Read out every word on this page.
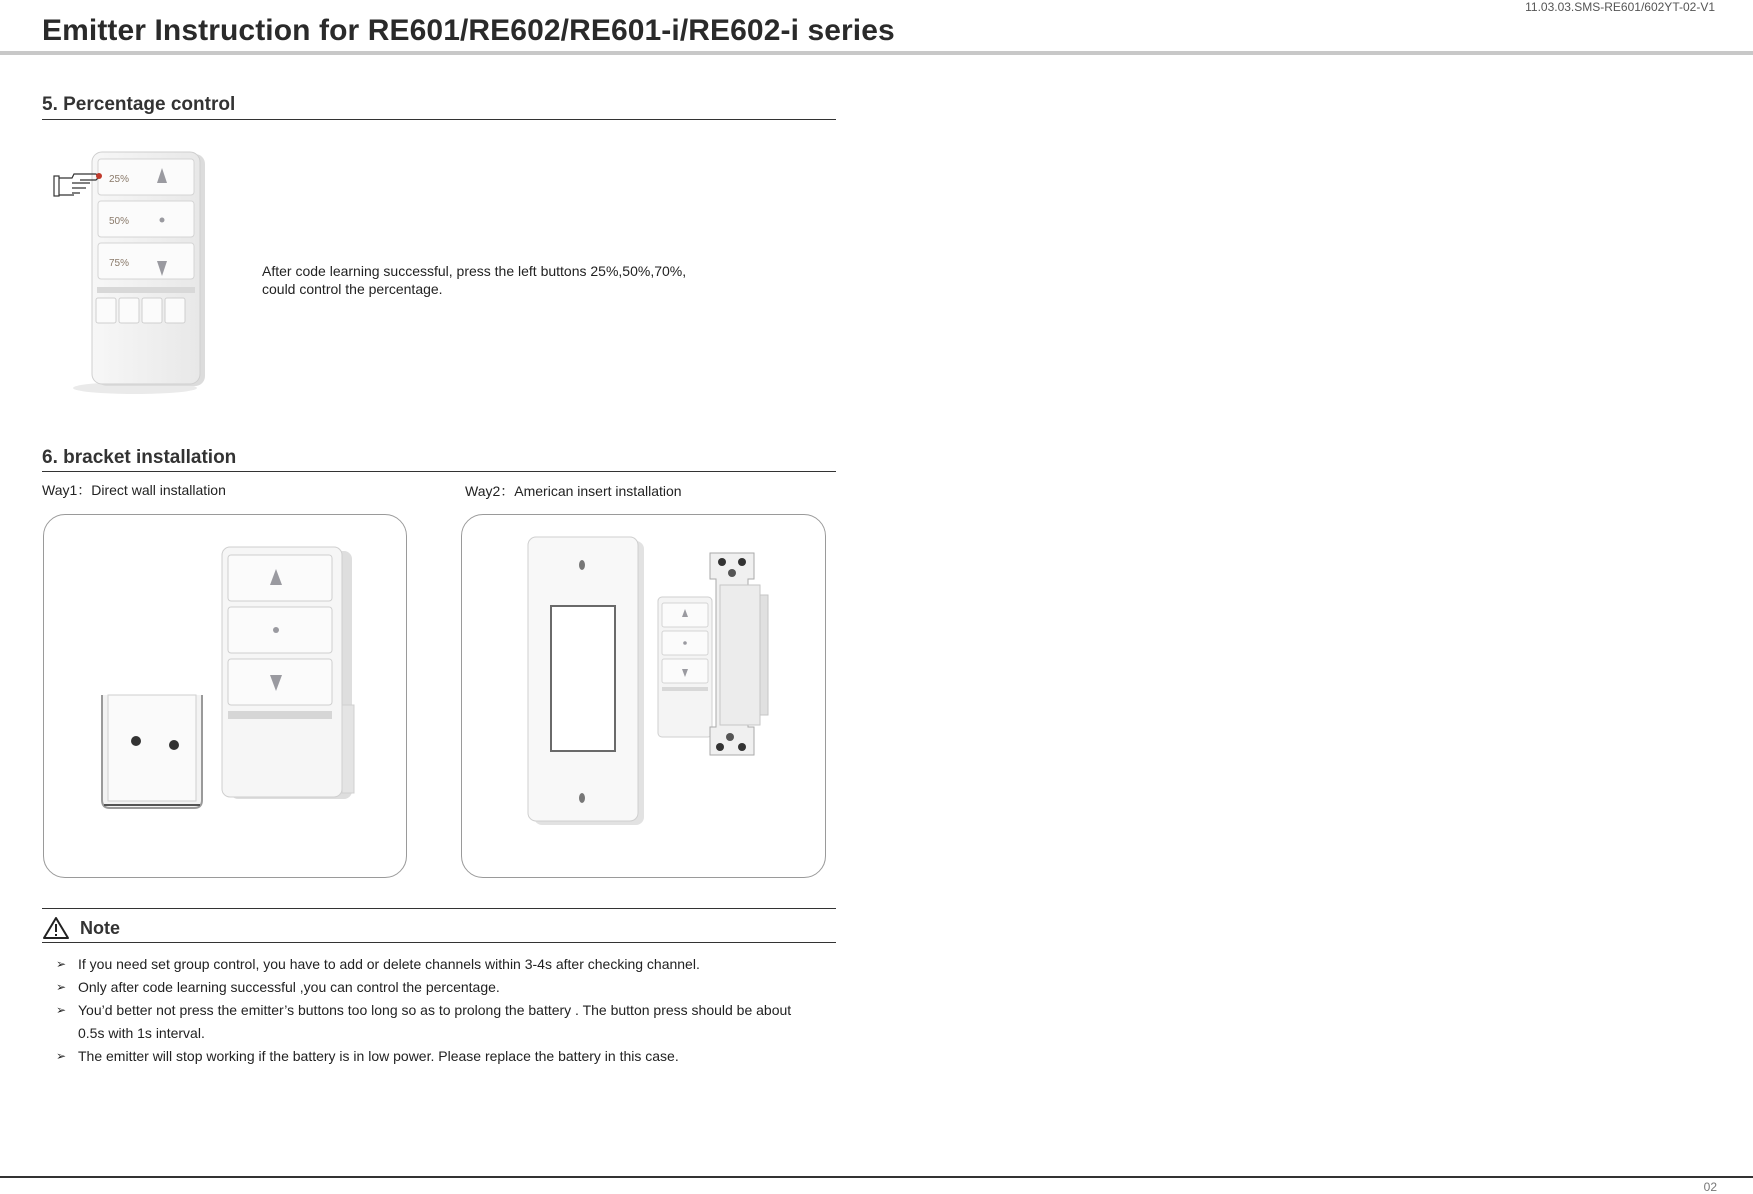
11.03.03.SMS-RE601/602YT-02-V1
Emitter Instruction for RE601/RE602/RE601-i/RE602-i series
5. Percentage control
25%
50%
75%	After code learning successful, press the left buttons 25%,50%,70%,
could control the percentage.
6. bracket installation
Way1：Direct wall installation	Way2：American insert installation
Note
➢ If you need set group control, you have to add or delete channels within 3-4s after checking channel.
➢ Only after code learning successful ,you can control the percentage.
➢ You’d better not press the emitter’s buttons too long so as to prolong the battery . The button press should be about 0.5s with 1s interval.
➢ The emitter will stop working if the battery is in low power. Please replace the battery in this case.
02
